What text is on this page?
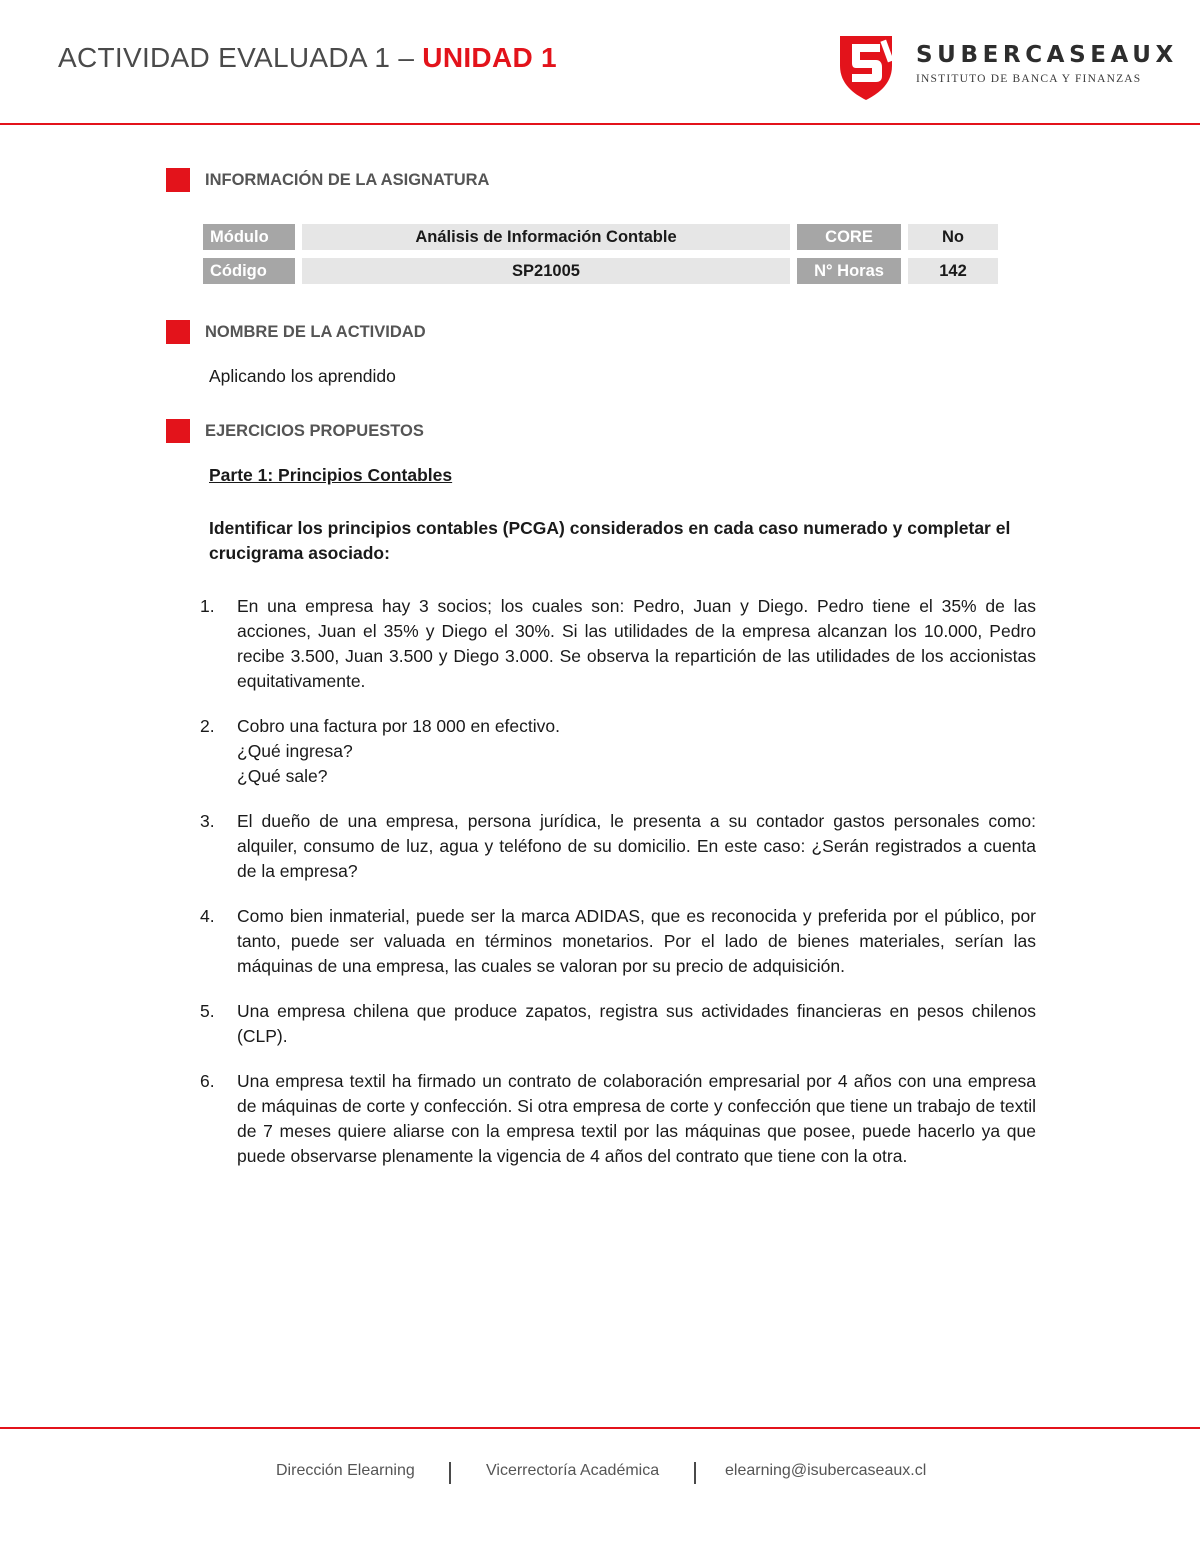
ACTIVIDAD EVALUADA 1 – UNIDAD 1	SUBERCASEAUX
INSTITUTO DE BANCA Y FINANZAS
INFORMACIÓN DE LA ASIGNATURA
Módulo	Análisis de Información Contable	CORE	No
Código	SP21005	N° Horas	142
NOMBRE DE LA ACTIVIDAD
Aplicando los aprendido
EJERCICIOS PROPUESTOS
Parte 1: Principios Contables
Identificar los principios contables (PCGA) considerados en cada caso numerado y completar el crucigrama asociado:
1.	En una empresa hay 3 socios; los cuales son: Pedro, Juan y Diego. Pedro tiene el 35% de las acciones, Juan el 35% y Diego el 30%. Si las utilidades de la empresa alcanzan los 10.000, Pedro recibe 3.500, Juan 3.500 y Diego 3.000. Se observa la repartición de las utilidades de los accionistas equitativamente.
2.	Cobro una factura por 18 000 en efectivo.
¿Qué ingresa?
¿Qué sale?
3.	El dueño de una empresa, persona jurídica, le presenta a su contador gastos personales como: alquiler, consumo de luz, agua y teléfono de su domicilio. En este caso: ¿Serán registrados a cuenta de la empresa?
4.	Como bien inmaterial, puede ser la marca ADIDAS, que es reconocida y preferida por el público, por tanto, puede ser valuada en términos monetarios. Por el lado de bienes materiales, serían las máquinas de una empresa, las cuales se valoran por su precio de adquisición.
5.	Una empresa chilena que produce zapatos, registra sus actividades financieras en pesos chilenos (CLP).
6.	Una empresa textil ha firmado un contrato de colaboración empresarial por 4 años con una empresa de máquinas de corte y confección. Si otra empresa de corte y confección que tiene un trabajo de textil de 7 meses quiere aliarse con la empresa textil por las máquinas que posee, puede hacerlo ya que puede observarse plenamente la vigencia de 4 años del contrato que tiene con la otra.
Dirección Elearning	Vicerrectoría Académica	elearning@isubercaseaux.cl
